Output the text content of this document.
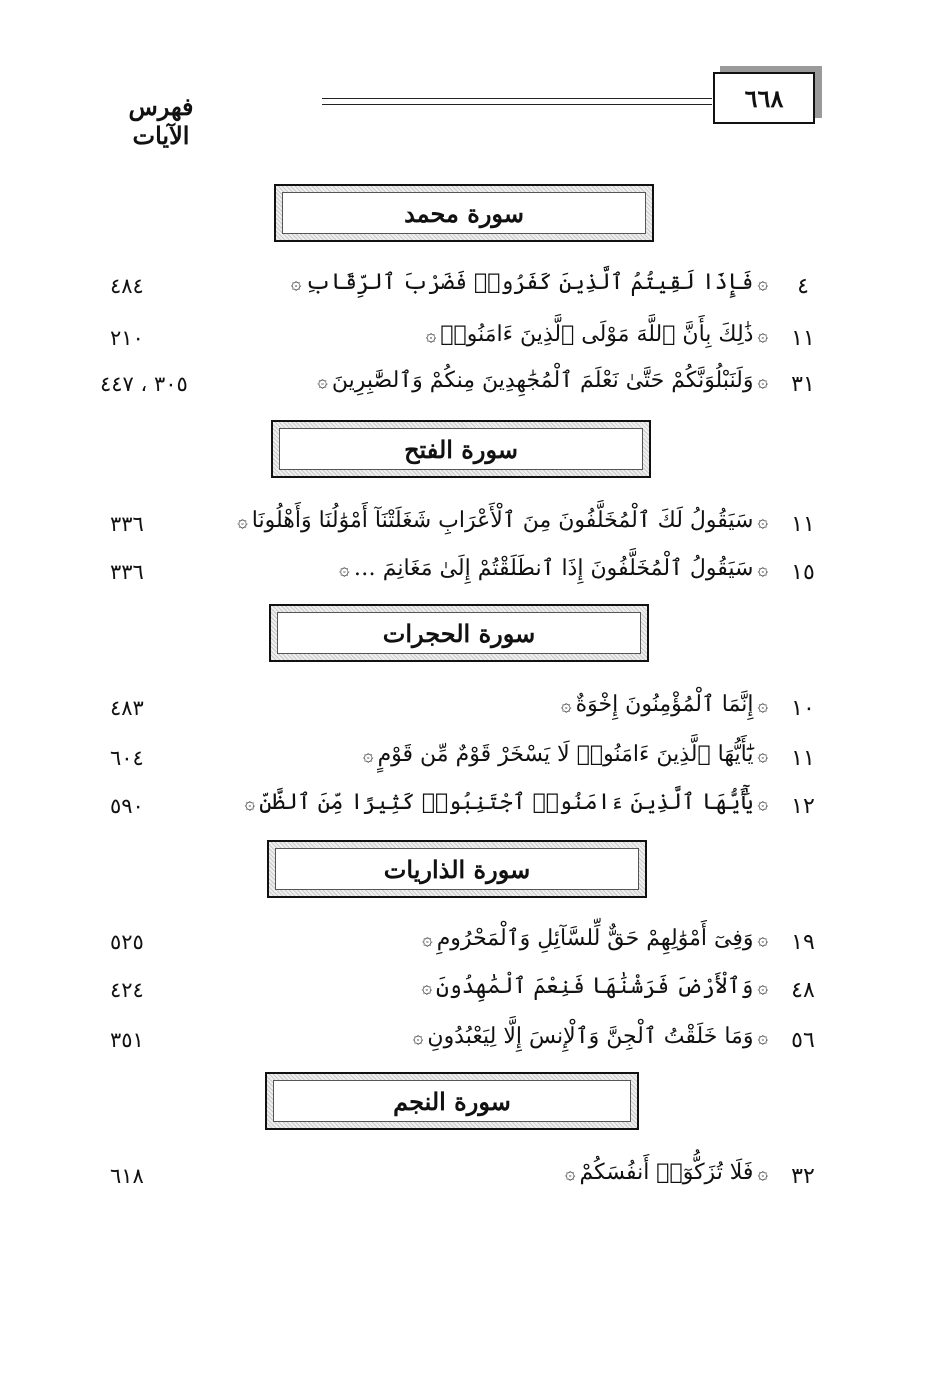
٦٦٨
فهرس الآيات
سورة محمد
٤
۞فَإِذَا لَقِيتُمُ ٱلَّذِينَ كَفَرُوا۟ فَضَرْبَ ٱلرِّقَابِ۞
٤٨٤
١١
۞ذَٰلِكَ بِأَنَّ ٱللَّهَ مَوْلَى ٱلَّذِينَ ءَامَنُوا۟۞
٢١٠
٣١
۞وَلَنَبْلُوَنَّكُمْ حَتَّىٰ نَعْلَمَ ٱلْمُجَٰهِدِينَ مِنكُمْ وَٱلصَّٰبِرِينَ۞
٣٠٥ ، ٤٤٧
سورة الفتح
١١
۞سَيَقُولُ لَكَ ٱلْمُخَلَّفُونَ مِنَ ٱلْأَعْرَابِ شَغَلَتْنَآ أَمْوَٰلُنَا وَأَهْلُونَا۞
٣٣٦
١٥
۞سَيَقُولُ ٱلْمُخَلَّفُونَ إِذَا ٱنطَلَقْتُمْ إِلَىٰ مَغَانِمَ …۞
٣٣٦
سورة الحجرات
١٠
۞إِنَّمَا ٱلْمُؤْمِنُونَ إِخْوَةٌ۞
٤٨٣
١١
۞يَٰٓأَيُّهَا ٱلَّذِينَ ءَامَنُوا۟ لَا يَسْخَرْ قَوْمٌ مِّن قَوْمٍ۞
٦٠٤
١٢
۞يَٰٓأَيُّهَا ٱلَّذِينَ ءَامَنُوا۟ ٱجْتَنِبُوا۟ كَثِيرًا مِّنَ ٱلظَّنِّ۞
٥٩٠
سورة الذاريات
١٩
۞وَفِىٓ أَمْوَٰلِهِمْ حَقٌّ لِّلسَّآئِلِ وَٱلْمَحْرُومِ۞
٥٢٥
٤٨
۞وَٱلْأَرْضَ فَرَشْنَٰهَا فَنِعْمَ ٱلْمَٰهِدُونَ۞
٤٢٤
٥٦
۞وَمَا خَلَقْتُ ٱلْجِنَّ وَٱلْإِنسَ إِلَّا لِيَعْبُدُونِ۞
٣٥١
سورة النجم
٣٢
۞فَلَا تُزَكُّوٓا۟ أَنفُسَكُمْ۞
٦١٨
